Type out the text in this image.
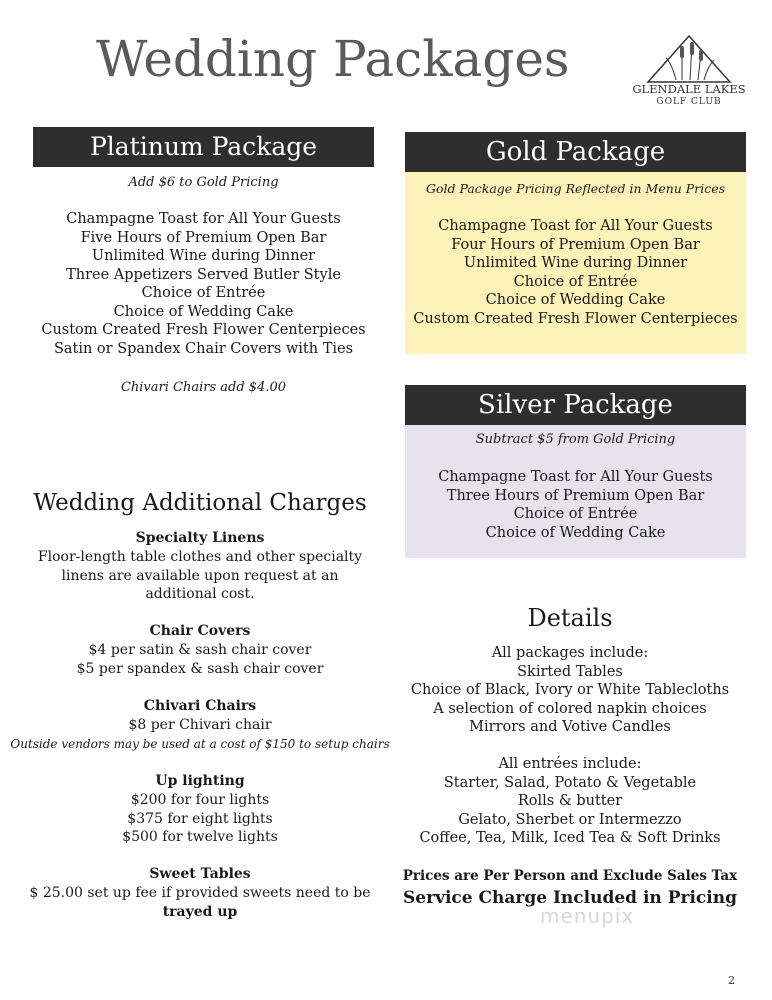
Wedding Packages
GLENDALE LAKES
GOLF CLUB
Platinum Package
Add $6 to Gold Pricing
Champagne Toast for All Your Guests
Five Hours of Premium Open Bar
Unlimited Wine during Dinner
Three Appetizers Served Butler Style
Choice of Entrée
Choice of Wedding Cake
Custom Created Fresh Flower Centerpieces
Satin or Spandex Chair Covers with Ties
Chivari Chairs add $4.00
Gold Package
Gold Package Pricing Reflected in Menu Prices
Champagne Toast for All Your Guests
Four Hours of Premium Open Bar
Unlimited Wine during Dinner
Choice of Entrée
Choice of Wedding Cake
Custom Created Fresh Flower Centerpieces
Silver Package
Subtract $5 from Gold Pricing
Champagne Toast for All Your Guests
Three Hours of Premium Open Bar
Choice of Entrée
Choice of Wedding Cake
Wedding Additional Charges
Specialty Linens
Floor-length table clothes and other specialty
linens are available upon request at an
additional cost.
Chair Covers
$4 per satin & sash chair cover
$5 per spandex & sash chair cover
Chivari Chairs
$8 per Chivari chair
Outside vendors may be used at a cost of $150 to setup chairs
Up lighting
$200 for four lights
$375 for eight lights
$500 for twelve lights
Sweet Tables
$ 25.00 set up fee if provided sweets need to be
trayed up
Details
All packages include:
Skirted Tables
Choice of Black, Ivory or White Tablecloths
A selection of colored napkin choices
Mirrors and Votive Candles
All entrées include:
Starter, Salad, Potato & Vegetable
Rolls & butter
Gelato, Sherbet or Intermezzo
Coffee, Tea, Milk, Iced Tea & Soft Drinks
Prices are Per Person and Exclude Sales Tax
Service Charge Included in Pricing
menupix
2
